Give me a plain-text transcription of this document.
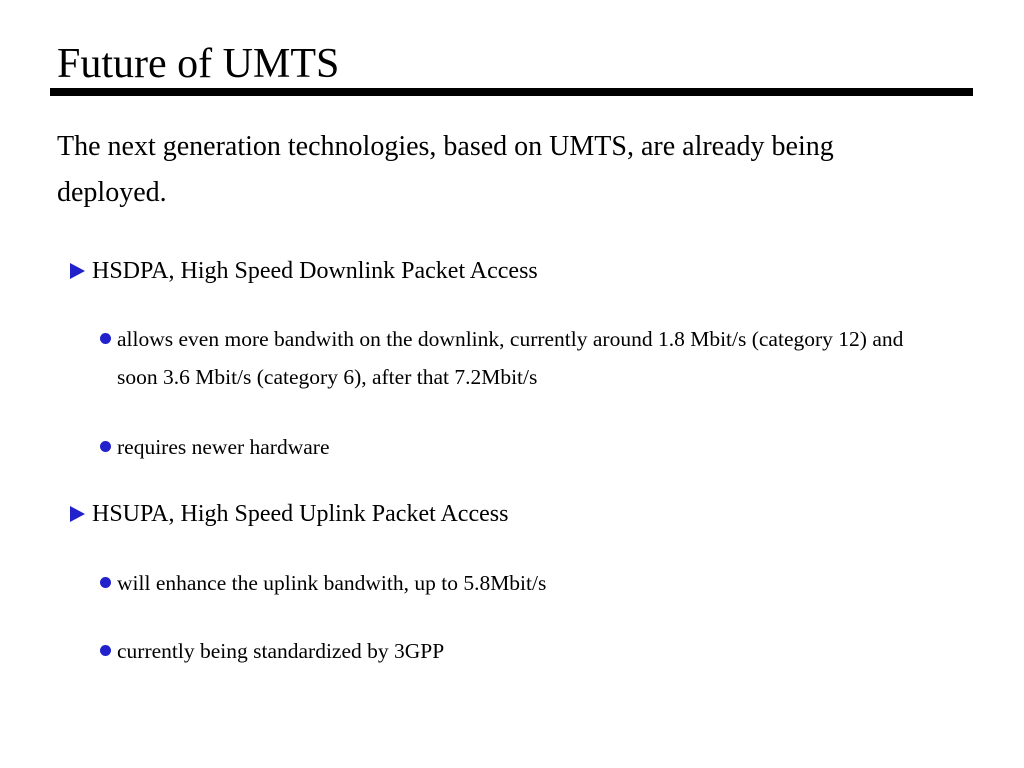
Future of UMTS
The next generation technologies, based on UMTS, are already being deployed.
HSDPA, High Speed Downlink Packet Access
allows even more bandwith on the downlink, currently around 1.8 Mbit/s (category 12) and soon 3.6 Mbit/s (category 6), after that 7.2Mbit/s
requires newer hardware
HSUPA, High Speed Uplink Packet Access
will enhance the uplink bandwith, up to 5.8Mbit/s
currently being standardized by 3GPP
